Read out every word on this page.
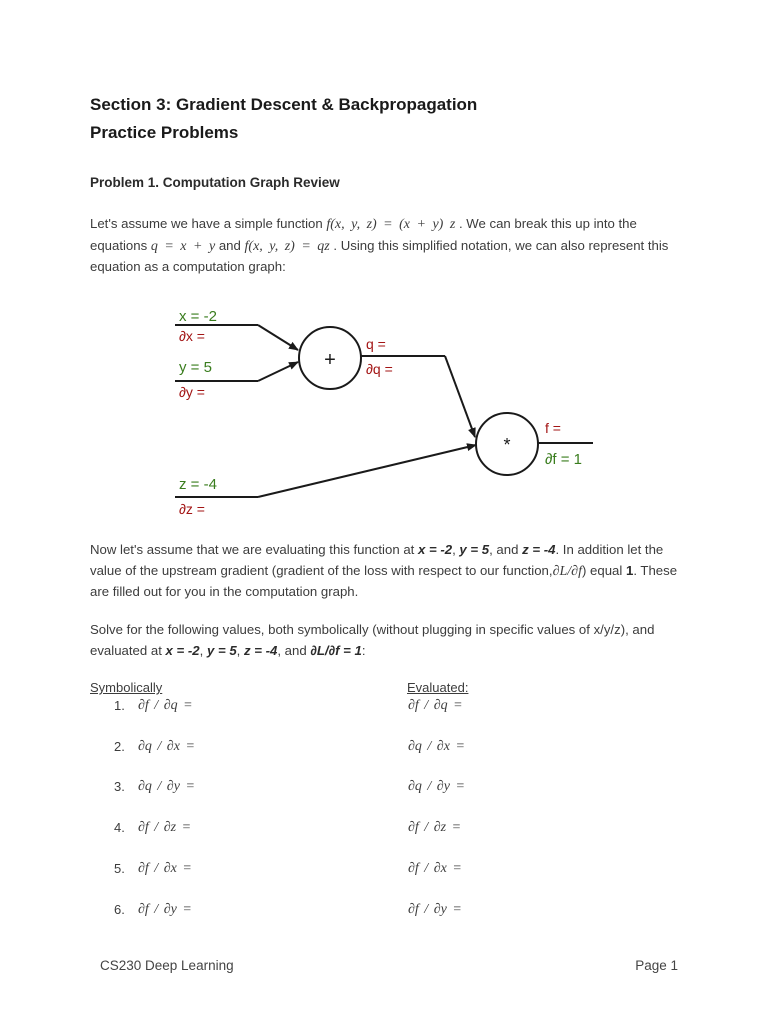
Section 3: Gradient Descent & Backpropagation
Practice Problems
Problem 1. Computation Graph Review
Let's assume we have a simple function f(x, y, z) = (x + y) z . We can break this up into the equations q = x + y and f(x, y, z) = qz . Using this simplified notation, we can also represent this equation as a computation graph:
+
*
x = -2
∂x =
y = 5
∂y =
q =
∂q =
z = -4
∂z =
f =
∂f = 1
Now let's assume that we are evaluating this function at x = -2, y = 5, and z = -4. In addition let the value of the upstream gradient (gradient of the loss with respect to our function,∂L/∂f) equal 1. These are filled out for you in the computation graph.
Solve for the following values, both symbolically (without plugging in specific values of x/y/z), and evaluated at x = -2, y = 5, z = -4, and ∂L/∂f = 1:
Symbolically	Evaluated:
1. ∂f / ∂q =	∂f / ∂q =
2. ∂q / ∂x =	∂q / ∂x =
3. ∂q / ∂y =	∂q / ∂y =
4. ∂f / ∂z =	∂f / ∂z =
5. ∂f / ∂x =	∂f / ∂x =
6. ∂f / ∂y =	∂f / ∂y =
CS230 Deep Learning	Page 1
